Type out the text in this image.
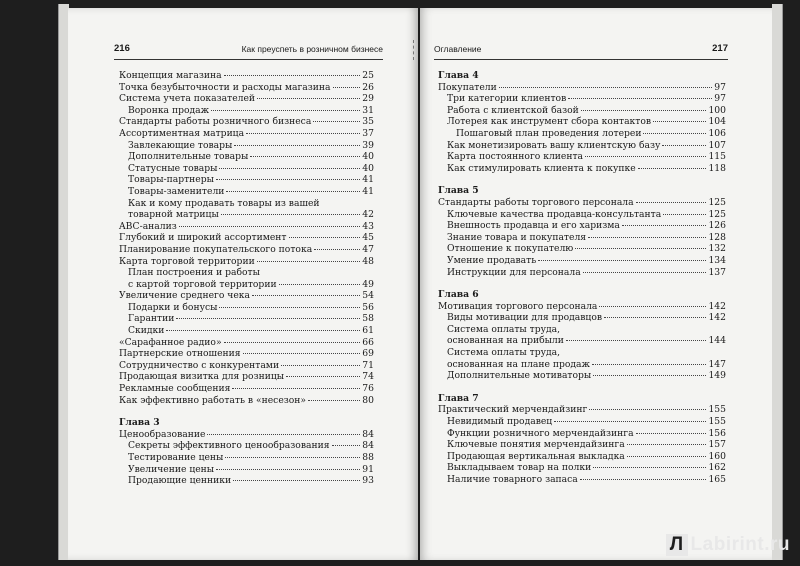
216	Как преуспеть в розничном бизнесе
Концепция магазина	25
Точка безубыточности и расходы магазина	26
Система учета показателей	29
Воронка продаж	31
Стандарты работы розничного бизнеса	35
Ассортиментная матрица	37
Завлекающие товары	39
Дополнительные товары	40
Статусные товары	40
Товары-партнеры	41
Товары-заменители	41
Как и кому продавать товары из вашей
товарной матрицы	42
ABC-анализ	43
Глубокий и широкий ассортимент	45
Планирование покупательского потока	47
Карта торговой территории	48
План построения и работы
с картой торговой территории	49
Увеличение среднего чека	54
Подарки и бонусы	56
Гарантии	58
Скидки	61
«Сарафанное радио»	66
Партнерские отношения	69
Сотрудничество с конкурентами	71
Продающая визитка для розницы	74
Рекламные сообщения	76
Как эффективно работать в «несезон»	80
Глава 3
Ценообразование	84
Секреты эффективного ценообразования	84
Тестирование цены	88
Увеличение цены	91
Продающие ценники	93
Оглавление	217
Глава 4
Покупатели	97
Три категории клиентов	97
Работа с клиентской базой	100
Лотерея как инструмент сбора контактов	104
Пошаговый план проведения лотереи	106
Как монетизировать вашу клиентскую базу	107
Карта постоянного клиента	115
Как стимулировать клиента к покупке	118
Глава 5
Стандарты работы торгового персонала	125
Ключевые качества продавца-консультанта	125
Внешность продавца и его харизма	126
Знание товара и покупателя	128
Отношение к покупателю	132
Умение продавать	134
Инструкции для персонала	137
Глава 6
Мотивация торгового персонала	142
Виды мотивации для продавцов	142
Система оплаты труда,
основанная на прибыли	144
Система оплаты труда,
основанная на плане продаж	147
Дополнительные мотиваторы	149
Глава 7
Практический мерчендайзинг	155
Невидимый продавец	155
Функции розничного мерчендайзинга	156
Ключевые понятия мерчендайзинга	157
Продающая вертикальная выкладка	160
Выкладываем товар на полки	162
Наличие товарного запаса	165
Л Labirint.ru
